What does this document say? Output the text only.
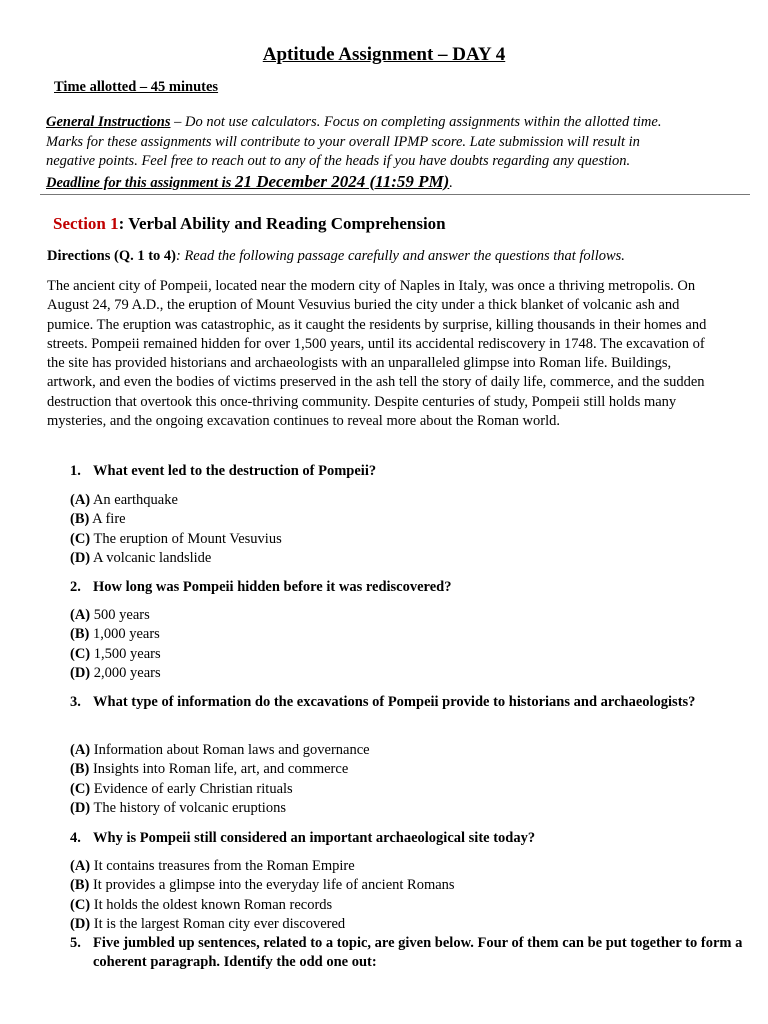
Aptitude Assignment – DAY 4
Time allotted – 45 minutes
General Instructions – Do not use calculators. Focus on completing assignments within the allotted time. Marks for these assignments will contribute to your overall IPMP score. Late submission will result in negative points. Feel free to reach out to any of the heads if you have doubts regarding any question. Deadline for this assignment is 21 December 2024 (11:59 PM).
Section 1: Verbal Ability and Reading Comprehension
Directions (Q. 1 to 4): Read the following passage carefully and answer the questions that follows.
The ancient city of Pompeii, located near the modern city of Naples in Italy, was once a thriving metropolis. On August 24, 79 A.D., the eruption of Mount Vesuvius buried the city under a thick blanket of volcanic ash and pumice. The eruption was catastrophic, as it caught the residents by surprise, killing thousands in their homes and streets. Pompeii remained hidden for over 1,500 years, until its accidental rediscovery in 1748. The excavation of the site has provided historians and archaeologists with an unparalleled glimpse into Roman life. Buildings, artwork, and even the bodies of victims preserved in the ash tell the story of daily life, commerce, and the sudden destruction that overtook this once-thriving community. Despite centuries of study, Pompeii still holds many mysteries, and the ongoing excavation continues to reveal more about the Roman world.
1. What event led to the destruction of Pompeii?
(A) An earthquake
(B) A fire
(C) The eruption of Mount Vesuvius
(D) A volcanic landslide
2. How long was Pompeii hidden before it was rediscovered?
(A) 500 years
(B) 1,000 years
(C) 1,500 years
(D) 2,000 years
3. What type of information do the excavations of Pompeii provide to historians and archaeologists?
(A) Information about Roman laws and governance
(B) Insights into Roman life, art, and commerce
(C) Evidence of early Christian rituals
(D) The history of volcanic eruptions
4. Why is Pompeii still considered an important archaeological site today?
(A) It contains treasures from the Roman Empire
(B) It provides a glimpse into the everyday life of ancient Romans
(C) It holds the oldest known Roman records
(D) It is the largest Roman city ever discovered
5. Five jumbled up sentences, related to a topic, are given below. Four of them can be put together to form a coherent paragraph. Identify the odd one out:
